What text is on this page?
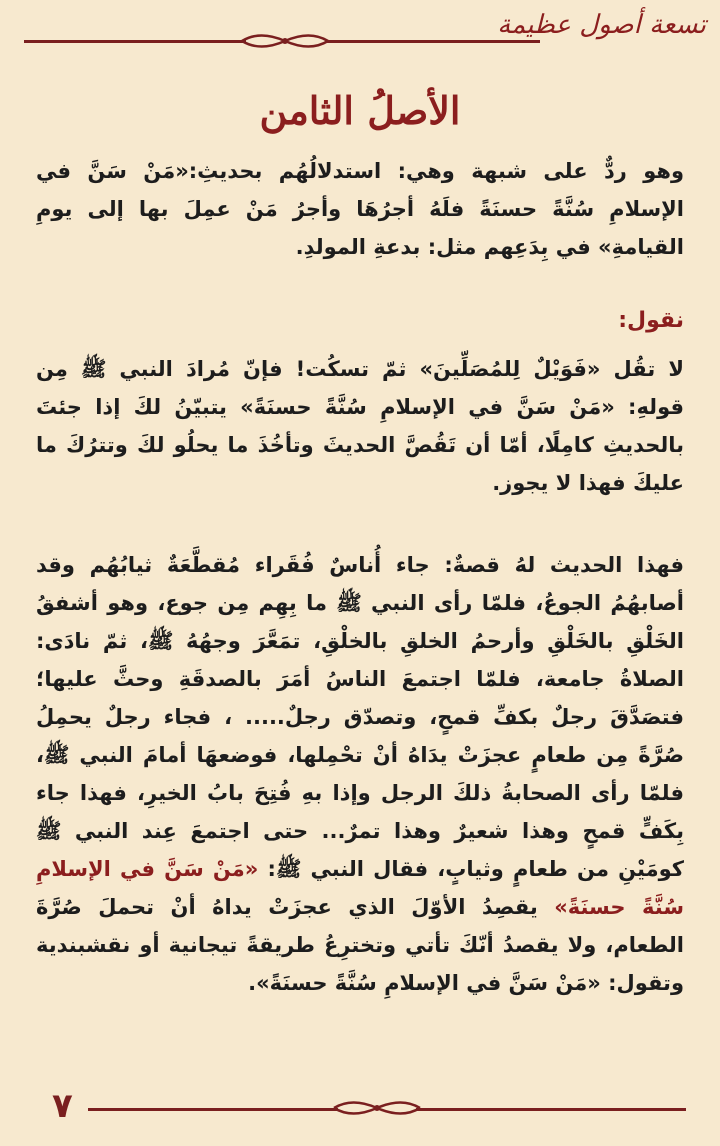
تسعة أصول عظيمة
الأصلُ الثامن
وهو ردٌّ على شبهة وهي: استدلالُهُم بحديثِ:«مَنْ سَنَّ في الإسلامِ سُنَّةً حسنَةً فلَهُ أجرُهَا وأجرُ مَنْ عمِلَ بها إلى يومِ القيامةِ» في بِدَعِهم مثل: بدعةِ المولدِ.
نقول:
لا تقُل «فَوَيْلٌ لِلمُصَلِّينَ» ثمّ تسكُت! فإنّ مُرادَ النبي ﷺ مِن قولهِ: «مَنْ سَنَّ في الإسلامِ سُنَّةً حسنَةً» يتبيّنُ لكَ إذا جئتَ بالحديثِ كامِلًا، أمّا أن تَقُصَّ الحديثَ وتأخُذَ ما يحلُو لكَ وتترُكَ ما عليكَ فهذا لا يجوز.
فهذا الحديث لهُ قصةٌ: جاء أُناسٌ فُقَراء مُقطَّعَةٌ ثيابُهُم وقد أصابهُمُ الجوعُ، فلمّا رأى النبي ﷺ ما بِهِم مِن جوع، وهو أشفقُ الخَلْقِ بالخَلْقِ وأرحمُ الخلقِ بالخلْقِ، تمَعَّرَ وجهُهُ ﷺ، ثمّ نادَى: الصلاةُ جامعة، فلمّا اجتمعَ الناسُ أمَرَ بالصدقَةِ وحثَّ عليها؛ فتصَدَّقَ رجلٌ بكفِّ قمحٍ، وتصدّق رجلٌ..... ، فجاء رجلٌ يحمِلُ صُرَّةً مِن طعامٍ عجزَتْ يدَاهُ أنْ تحْمِلها، فوضعهَا أمامَ النبي ﷺ، فلمّا رأى الصحابةُ ذلكَ الرجل وإذا بهِ فُتِحَ بابُ الخيرِ، فهذا جاء بِكَفٍّ قمحٍ وهذا شعيرٌ وهذا تمرٌ... حتى اجتمعَ عِند النبي ﷺ كومَيْنِ من طعامٍ وثيابٍ، فقال النبي ﷺ: «مَنْ سَنَّ في الإسلامِ سُنَّةً حسنَةً» يقصِدُ الأوّلَ الذي عجزَتْ يداهُ أنْ تحملَ صُرَّةَ الطعام، ولا يقصدُ أنّكَ تأتي وتخترِعُ طريقةً تيجانية أو نقشبندية وتقول: «مَنْ سَنَّ في الإسلامِ سُنَّةً حسنَةً».
٧
